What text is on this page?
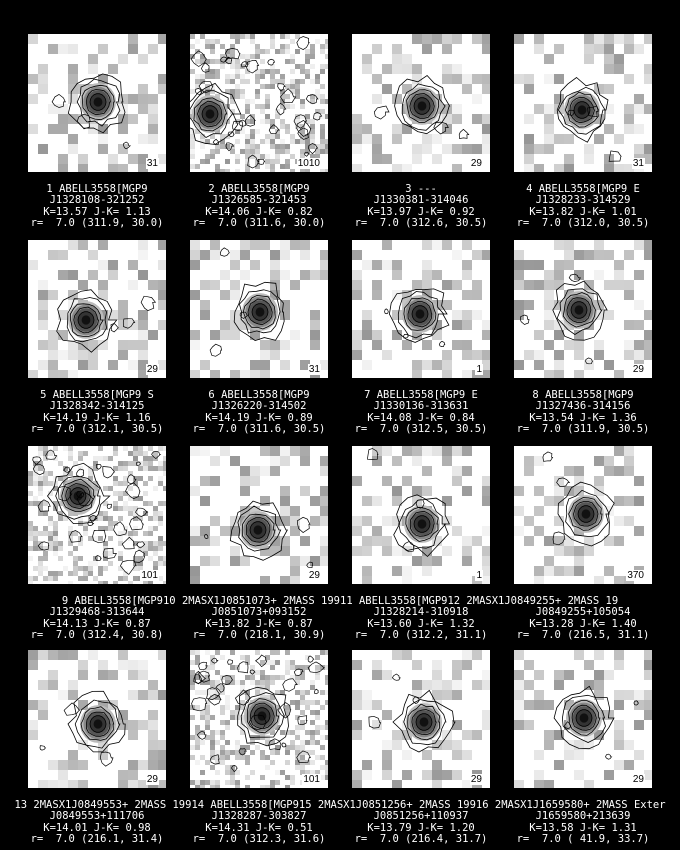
31
1 ABELL3558[MGP9
J1328108-321252
K=13.57 J-K= 1.13
r=  7.0 (311.9, 30.0)
1010
2 ABELL3558[MGP9
J1326585-321453
K=14.06 J-K= 0.82
r=  7.0 (311.6, 30.0)
29
3 ---
J1330381-314046
K=13.97 J-K= 0.92
r=  7.0 (312.6, 30.5)
31
4 ABELL3558[MGP9 E
J1328233-314529
K=13.82 J-K= 1.01
r=  7.0 (312.0, 30.5)
29
5 ABELL3558[MGP9 S
J1328342-314125
K=14.19 J-K= 1.16
r=  7.0 (312.1, 30.5)
31
6 ABELL3558[MGP9
J1326220-314502
K=14.19 J-K= 0.89
r=  7.0 (311.6, 30.5)
1
7 ABELL3558[MGP9 E
J1330136-313631
K=14.08 J-K= 0.84
r=  7.0 (312.5, 30.5)
29
8 ABELL3558[MGP9
J1327436-314156
K=13.54 J-K= 1.36
r=  7.0 (311.9, 30.5)
101
9 ABELL3558[MGP910 2MASX1J0851073+ 2MASS 19911 ABELL3558[MGP912 2MASX1J0849255+ 2MASS 19
J1329468-313644
K=14.13 J-K= 0.87
r=  7.0 (312.4, 30.8)
29
J0851073+093152
K=13.82 J-K= 0.87
r=  7.0 (218.1, 30.9)
1
J1328214-310918
K=13.60 J-K= 1.32
r=  7.0 (312.2, 31.1)
370
J0849255+105054
K=13.28 J-K= 1.40
r=  7.0 (216.5, 31.1)
29
13 2MASX1J0849553+ 2MASS 19914 ABELL3558[MGP915 2MASX1J0851256+ 2MASS 19916 2MASX1J1659580+ 2MASS Exter
J0849553+111706
K=14.01 J-K= 0.98
r=  7.0 (216.1, 31.4)
101
J1328287-303827
K=14.31 J-K= 0.51
r=  7.0 (312.3, 31.6)
29
J0851256+110937
K=13.79 J-K= 1.20
r=  7.0 (216.4, 31.7)
29
J1659580+213639
K=13.58 J-K= 1.31
r=  7.0 ( 41.9, 33.7)
